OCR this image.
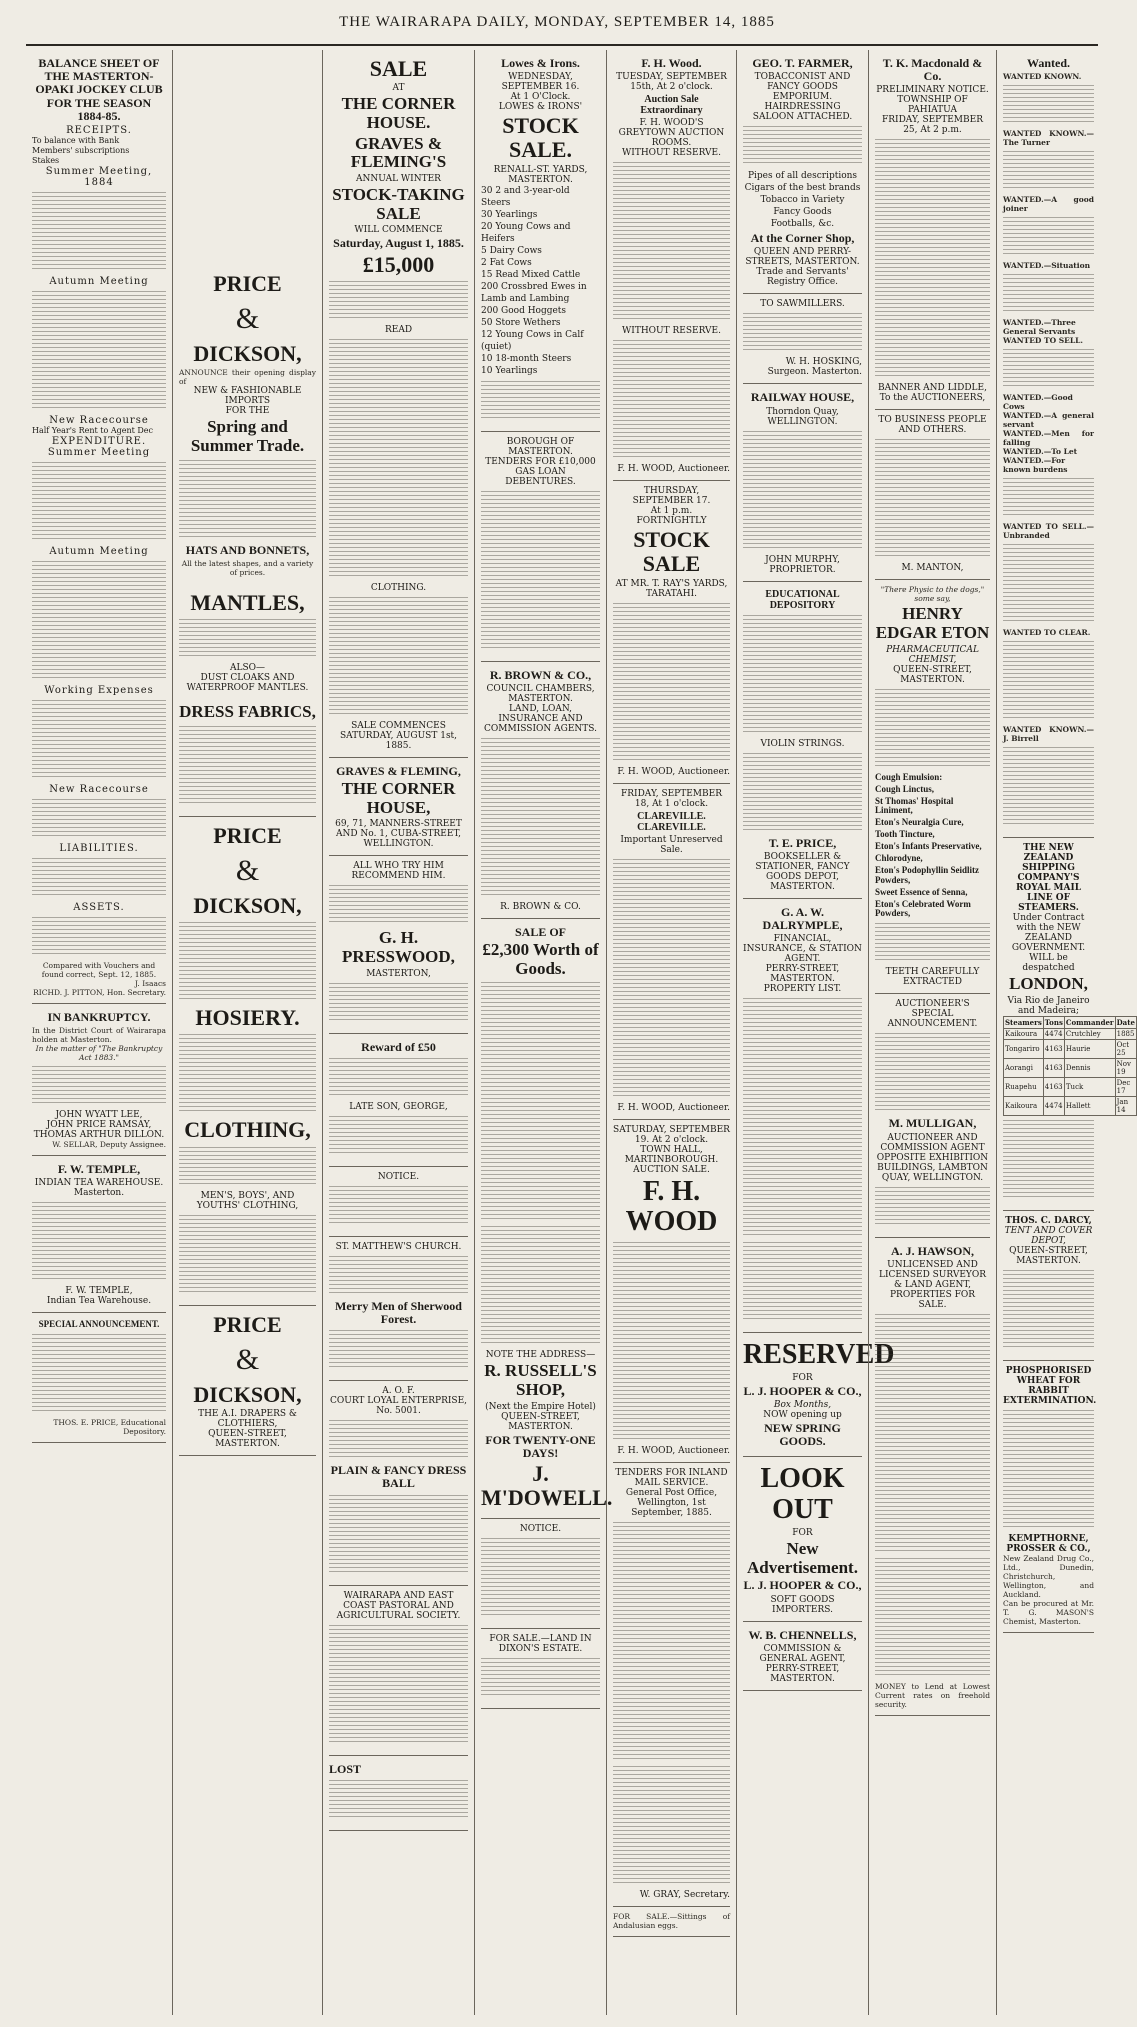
THE WAIRARAPA DAILY, MONDAY, SEPTEMBER 14, 1885
BALANCE SHEET OF THE MASTERTON-OPAKI JOCKEY CLUB FOR THE SEASON 1884-85.
RECEIPTS.
To balance with Bank
Members' subscriptions
Stakes
Summer Meeting, 1884
Autumn Meeting
New Racecourse
Half Year's Rent to Agent Dec
EXPENDITURE.
Summer Meeting
Autumn Meeting
Working Expenses
New Racecourse
LIABILITIES.
ASSETS.
Compared with Vouchers and found correct, Sept. 12, 1885.
J. Isaacs
RICHD. J. PITTON, Hon. Secretary.
IN BANKRUPTCY.
In the District Court of Wairarapa holden at Masterton.
In the matter of "The Bankruptcy Act 1883."
JOHN WYATT LEE,
JOHN PRICE RAMSAY,
THOMAS ARTHUR DILLON.
W. SELLAR, Deputy Assignee.
F. W. TEMPLE,
INDIAN TEA WAREHOUSE.
Masterton.
F. W. TEMPLE,
Indian Tea Warehouse.
SPECIAL ANNOUNCEMENT.
THOS. E. PRICE, Educational Depository.
PRICE
&
DICKSON,
ANNOUNCE their opening display of
NEW & FASHIONABLE IMPORTS
FOR THE
Spring and Summer Trade.
HATS AND BONNETS,
All the latest shapes, and a variety of prices.
MANTLES,
ALSO—
DUST CLOAKS AND WATERPROOF MANTLES.
DRESS FABRICS,
PRICE
&
DICKSON,
HOSIERY.
CLOTHING,
MEN'S, BOYS', AND YOUTHS' CLOTHING,
PRICE
&
DICKSON,
THE A.I. DRAPERS & CLOTHIERS,
QUEEN-STREET, MASTERTON.
SALE
AT
THE CORNER HOUSE.
GRAVES & FLEMING'S
ANNUAL WINTER
STOCK-TAKING SALE
WILL COMMENCE
Saturday, August 1, 1885.
£15,000
READ
CLOTHING.
SALE COMMENCES SATURDAY, AUGUST 1st, 1885.
GRAVES & FLEMING,
THE CORNER HOUSE,
69, 71, MANNERS-STREET AND No. 1, CUBA-STREET, WELLINGTON.
ALL WHO TRY HIM RECOMMEND HIM.
G. H. PRESSWOOD,
MASTERTON,
Reward of £50
LATE SON, GEORGE,
NOTICE.
ST. MATTHEW'S CHURCH.
Merry Men of Sherwood Forest.
A. O. F.
COURT LOYAL ENTERPRISE, No. 5001.
PLAIN & FANCY DRESS BALL
WAIRARAPA AND EAST COAST PASTORAL AND AGRICULTURAL SOCIETY.
LOST
Lowes & Irons.
WEDNESDAY, SEPTEMBER 16.
At 1 O'Clock.
LOWES & IRONS'
STOCK SALE.
RENALL-ST. YARDS, MASTERTON.
30 2 and 3-year-old Steers
30 Yearlings
20 Young Cows and Heifers
5 Dairy Cows
2 Fat Cows
15 Read Mixed Cattle
200 Crossbred Ewes in Lamb and Lambing
200 Good Hoggets
50 Store Wethers
12 Young Cows in Calf (quiet)
10 18-month Steers
10 Yearlings
BOROUGH OF MASTERTON.
TENDERS FOR £10,000 GAS LOAN DEBENTURES.
R. BROWN & CO.,
COUNCIL CHAMBERS, MASTERTON.
LAND, LOAN, INSURANCE AND COMMISSION AGENTS.
R. BROWN & CO.
SALE OF
£2,300 Worth of Goods.
NOTE THE ADDRESS—
R. RUSSELL'S SHOP,
(Next the Empire Hotel)
QUEEN-STREET, MASTERTON.
FOR TWENTY-ONE DAYS!
J. M'DOWELL.
NOTICE.
FOR SALE.—LAND IN DIXON'S ESTATE.
F. H. Wood.
TUESDAY, SEPTEMBER 15th, At 2 o'clock.
Auction Sale Extraordinary
F. H. WOOD'S GREYTOWN AUCTION ROOMS.
WITHOUT RESERVE.
WITHOUT RESERVE.
F. H. WOOD, Auctioneer.
THURSDAY, SEPTEMBER 17.
At 1 p.m.
FORTNIGHTLY
STOCK SALE
AT MR. T. RAY'S YARDS, TARATAHI.
F. H. WOOD, Auctioneer.
FRIDAY, SEPTEMBER 18, At 1 o'clock.
CLAREVILLE. CLAREVILLE.
Important Unreserved Sale.
F. H. WOOD, Auctioneer.
SATURDAY, SEPTEMBER 19. At 2 o'clock.
TOWN HALL, MARTINBOROUGH.
AUCTION SALE.
F. H. WOOD
F. H. WOOD, Auctioneer.
TENDERS FOR INLAND MAIL SERVICE.
General Post Office, Wellington, 1st September, 1885.
W. GRAY, Secretary.
FOR SALE.—Sittings of Andalusian eggs.
GEO. T. FARMER,
TOBACCONIST AND FANCY GOODS EMPORIUM.
HAIRDRESSING SALOON ATTACHED.
Pipes of all descriptions
Cigars of the best brands
Tobacco in Variety
Fancy Goods
Footballs, &c.
At the Corner Shop,
QUEEN AND PERRY-STREETS, MASTERTON.
Trade and Servants' Registry Office.
TO SAWMILLERS.
W. H. HOSKING, Surgeon. Masterton.
RAILWAY HOUSE,
Thorndon Quay, WELLINGTON.
JOHN MURPHY, PROPRIETOR.
EDUCATIONAL DEPOSITORY
VIOLIN STRINGS.
T. E. PRICE,
BOOKSELLER & STATIONER, FANCY GOODS DEPOT, MASTERTON.
G. A. W. DALRYMPLE,
FINANCIAL, INSURANCE, & STATION AGENT.
PERRY-STREET, MASTERTON.
PROPERTY LIST.
RESERVED
FOR
L. J. HOOPER & CO.,
Box Months,
NOW opening up
NEW SPRING GOODS.
LOOK OUT
FOR
New Advertisement.
L. J. HOOPER & CO.,
SOFT GOODS IMPORTERS.
W. B. CHENNELLS,
COMMISSION & GENERAL AGENT,
PERRY-STREET, MASTERTON.
T. K. Macdonald & Co.
PRELIMINARY NOTICE.
TOWNSHIP OF PAHIATUA
FRIDAY, SEPTEMBER 25, At 2 p.m.
BANNER AND LIDDLE,
To the AUCTIONEERS,
TO BUSINESS PEOPLE AND OTHERS.
M. MANTON,
"There Physic to the dogs," some say,
HENRY EDGAR ETON
PHARMACEUTICAL CHEMIST,
QUEEN-STREET, MASTERTON.
Cough Emulsion:
Cough Linctus,
St Thomas' Hospital Liniment,
Eton's Neuralgia Cure,
Tooth Tincture,
Eton's Infants Preservative,
Chlorodyne,
Eton's Podophyllin Seidlitz Powders,
Sweet Essence of Senna,
Eton's Celebrated Worm Powders,
TEETH CAREFULLY EXTRACTED
AUCTIONEER'S SPECIAL ANNOUNCEMENT.
M. MULLIGAN,
AUCTIONEER AND COMMISSION AGENT
OPPOSITE EXHIBITION BUILDINGS, LAMBTON QUAY, WELLINGTON.
A. J. HAWSON,
UNLICENSED AND LICENSED SURVEYOR & LAND AGENT,
PROPERTIES FOR SALE.
MONEY to Lend at Lowest Current rates on freehold security.
Wanted.
WANTED KNOWN.
WANTED KNOWN.—The Turner
WANTED.—A good joiner
WANTED.—Situation
WANTED.—Three General Servants
WANTED TO SELL.
WANTED.—Good Cows
WANTED.—A general servant
WANTED.—Men for falling
WANTED.—To Let
WANTED.—For known burdens
WANTED TO SELL.—Unbranded
WANTED TO CLEAR.
WANTED KNOWN.—J. Birrell
THE NEW ZEALAND SHIPPING COMPANY'S ROYAL MAIL LINE OF STEAMERS.
Under Contract with the NEW ZEALAND GOVERNMENT.
WILL be despatched
LONDON,
Via Rio de Janeiro and Madeira;
Steamers	Tons	Commander	Date
Kaikoura	4474	Crutchley	1885
Tongariro	4163	Haurie	Oct 25
Aorangi	4163	Dennis	Nov 19
Ruapehu	4163	Tuck	Dec 17
Kaikoura	4474	Hallett	Jan 14
THOS. C. DARCY,
TENT AND COVER DEPOT,
QUEEN-STREET, MASTERTON.
PHOSPHORISED WHEAT FOR RABBIT EXTERMINATION.
KEMPTHORNE, PROSSER & CO.,
New Zealand Drug Co., Ltd., Dunedin, Christchurch, Wellington, and Auckland.
Can be procured at Mr. T. G. MASON'S Chemist, Masterton.
